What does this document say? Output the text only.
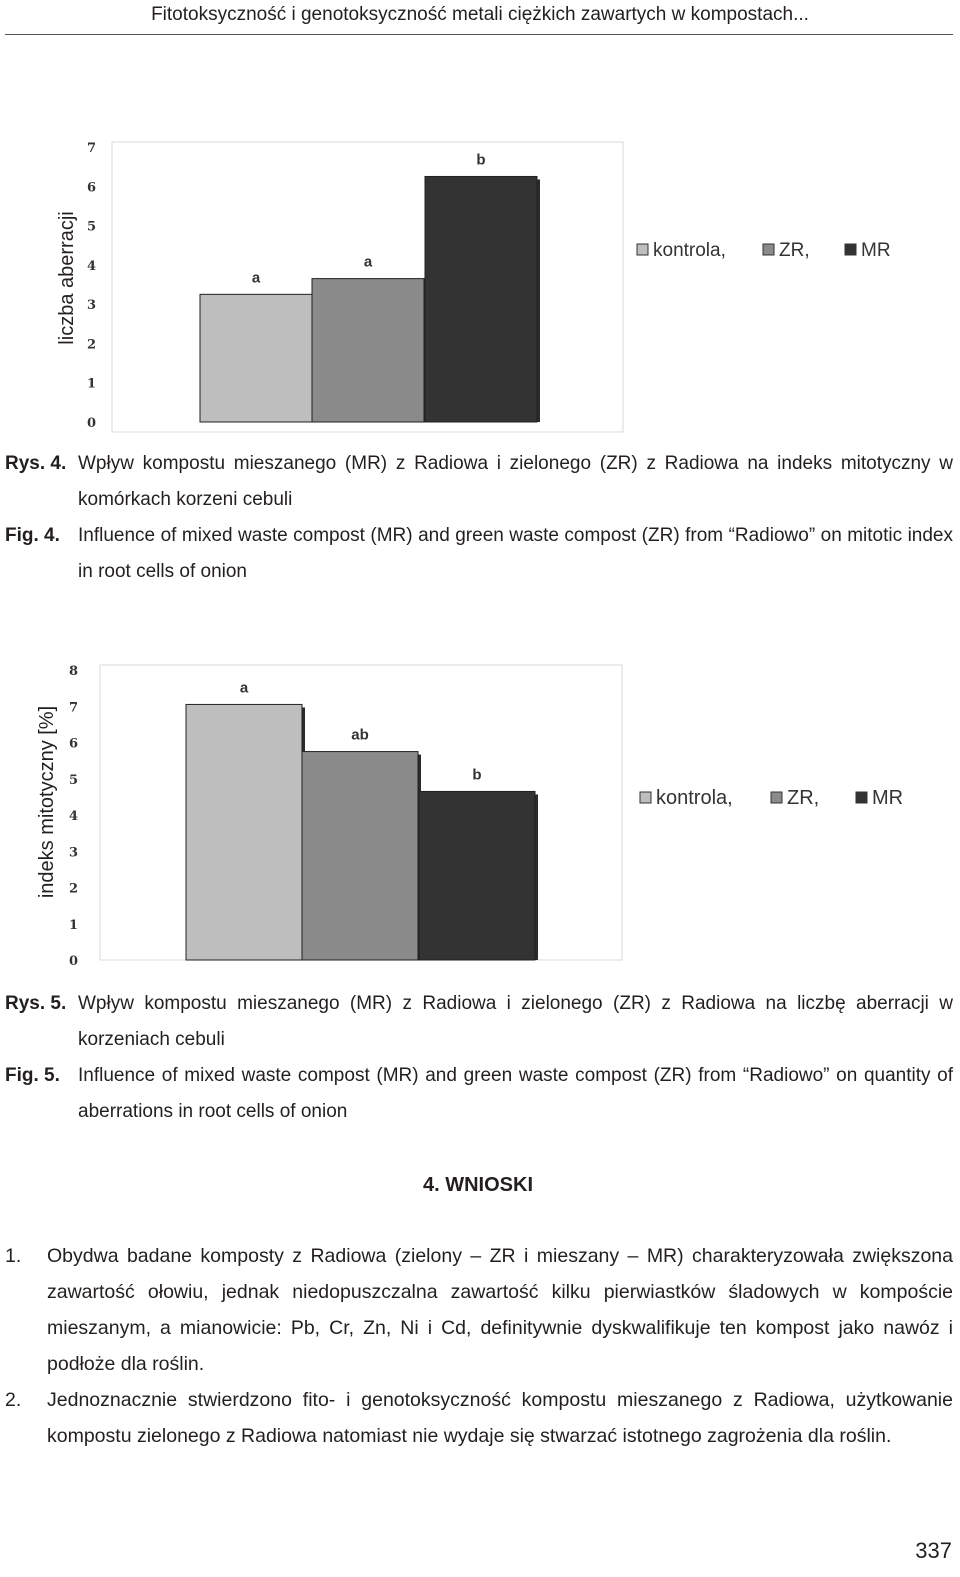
Fitotoksyczność i genotoksyczność metali ciężkich zawartych w kompostach...
liczba aberracji
0
1
2
3
4
5
6
7
a
a
b
kontrola,	ZR,	MR
Rys. 4. Wpływ kompostu mieszanego (MR) z Radiowa i zielonego (ZR) z Radiowa na indeks mitotyczny w komórkach korzeni cebuli
Fig. 4. Influence of mixed waste compost (MR) and green waste compost (ZR) from “Radiowo” on mitotic index in root cells of onion
indeks mitotyczny [%]
0
1
2
3
4
5
6
7
8
a
ab
b
kontrola,	ZR,	MR
Rys. 5. Wpływ kompostu mieszanego (MR) z Radiowa i zielonego (ZR) z Radiowa na liczbę aberracji w korzeniach cebuli
Fig. 5. Influence of mixed waste compost (MR) and green waste compost (ZR) from “Radiowo” on quantity of aberrations in root cells of onion
4. WNIOSKI
1.	Obydwa badane komposty z Radiowa (zielony – ZR i mieszany – MR) charakteryzowała zwiększona zawartość ołowiu, jednak niedopuszczalna zawartość kilku pierwiastków śladowych w kompoście mieszanym, a mianowicie: Pb, Cr, Zn, Ni i Cd, definitywnie dyskwalifikuje ten kompost jako nawóz i podłoże dla roślin.
2.	Jednoznacznie stwierdzono fito- i genotoksyczność kompostu mieszanego z Radiowa, użytkowanie kompostu zielonego z Radiowa natomiast nie wydaje się stwarzać istotnego zagrożenia dla roślin.
337
